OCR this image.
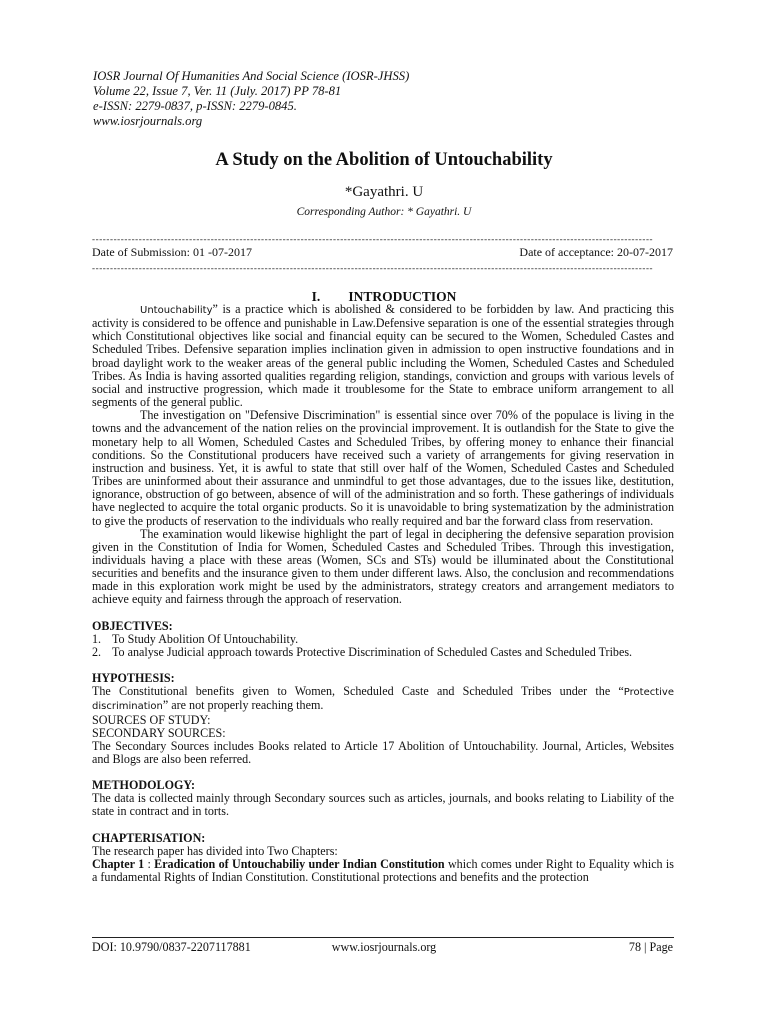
IOSR Journal Of Humanities And Social Science (IOSR-JHSS)
Volume 22, Issue 7, Ver. 11 (July. 2017) PP 78-81
e-ISSN: 2279-0837, p-ISSN: 2279-0845.
www.iosrjournals.org
A Study on the Abolition of Untouchability
*Gayathri. U
Corresponding Author: * Gayathri. U
------------------------------------------------------------------------------------------------------------------------------------------------------------
Date of Submission: 01 -07-2017	Date of acceptance: 20-07-2017
------------------------------------------------------------------------------------------------------------------------------------------------------------
I. INTRODUCTION

Untouchability” is a practice which is abolished & considered to be forbidden by law. And practicing this activity is considered to be offence and punishable in Law.Defensive separation is one of the essential strategies through which Constitutional objectives like social and financial equity can be secured to the Women, Scheduled Castes and Scheduled Tribes. Defensive separation implies inclination given in admission to open instructive foundations and in broad daylight work to the weaker areas of the general public including the Women, Scheduled Castes and Scheduled Tribes. As India is having assorted qualities regarding religion, standings, conviction and groups with various levels of social and instructive progression, which made it troublesome for the State to embrace uniform arrangement to all segments of the general public.

The investigation on "Defensive Discrimination" is essential since over 70% of the populace is living in the towns and the advancement of the nation relies on the provincial improvement. It is outlandish for the State to give the monetary help to all Women, Scheduled Castes and Scheduled Tribes, by offering money to enhance their financial conditions. So the Constitutional producers have received such a variety of arrangements for giving reservation in instruction and business. Yet, it is awful to state that still over half of the Women, Scheduled Castes and Scheduled Tribes are uninformed about their assurance and unmindful to get those advantages, due to the issues like, destitution, ignorance, obstruction of go between, absence of will of the administration and so forth. These gatherings of individuals have neglected to acquire the total organic products. So it is unavoidable to bring systematization by the administration to give the products of reservation to the individuals who really required and bar the forward class from reservation.

The examination would likewise highlight the part of legal in deciphering the defensive separation provision given in the Constitution of India for Women, Scheduled Castes and Scheduled Tribes. Through this investigation, individuals having a place with these areas (Women, SCs and STs) would be illuminated about the Constitutional securities and benefits and the insurance given to them under different laws. Also, the conclusion and recommendations made in this exploration work might be used by the administrators, strategy creators and arrangement mediators to achieve equity and fairness through the approach of reservation.

OBJECTIVES:
1. To Study Abolition Of Untouchability.
2. To analyse Judicial approach towards Protective Discrimination of Scheduled Castes and Scheduled Tribes.
HYPOTHESIS:

The Constitutional benefits given to Women, Scheduled Caste and Scheduled Tribes under the “Protective discrimination” are not properly reaching them.

SOURCES OF STUDY:

SECONDARY SOURCES:

The Secondary Sources includes Books related to Article 17 Abolition of Untouchability. Journal, Articles, Websites and Blogs are also been referred.

METHODOLOGY:

The data is collected mainly through Secondary sources such as articles, journals, and books relating to Liability of the state in contract and in torts.

CHAPTERISATION:

The research paper has divided into Two Chapters:

Chapter 1 : Eradication of Untouchabiliy under Indian Constitution which comes under Right to Equality which is a fundamental Rights of Indian Constitution. Constitutional protections and benefits and the protection

DOI: 10.9790/0837-2207117881	www.iosrjournals.org	78 | Page
